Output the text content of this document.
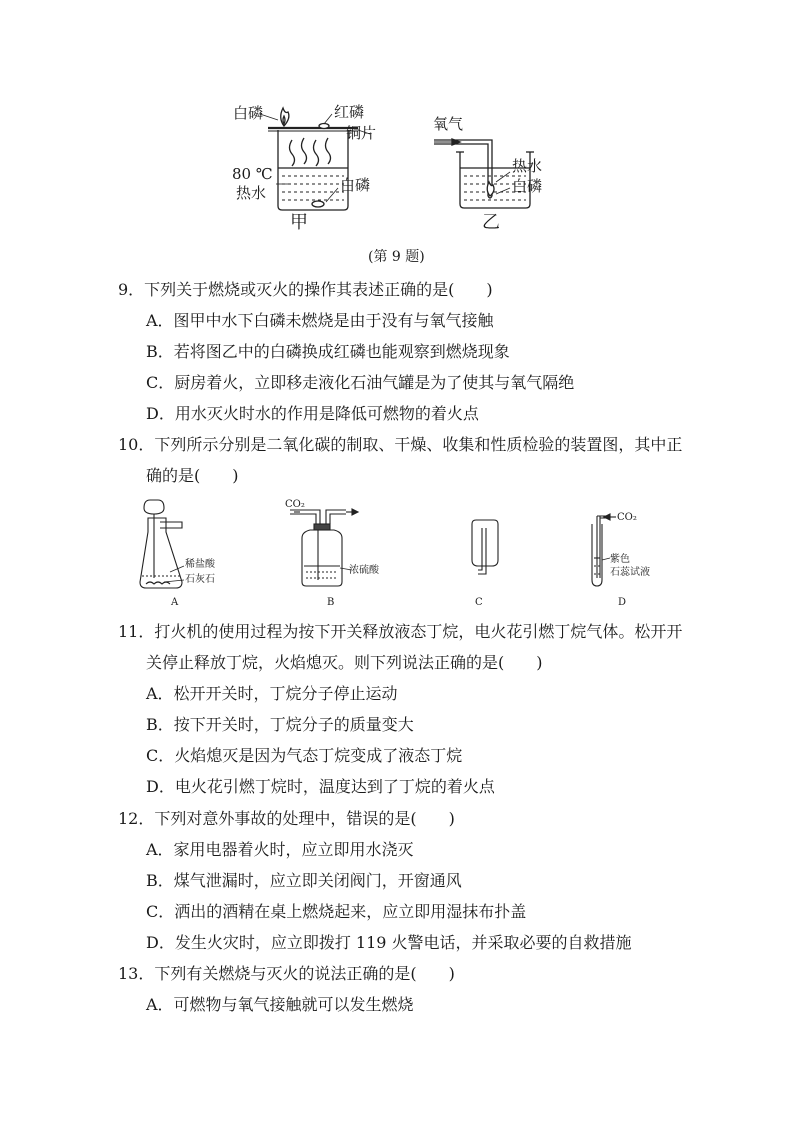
白磷	红磷
铜片
80 ℃
热水	白磷
甲
氧气
热水
白磷
乙
(第 9 题)
9．下列关于燃烧或灭火的操作其表述正确的是(　　)
A．图甲中水下白磷未燃烧是由于没有与氧气接触
B．若将图乙中的白磷换成红磷也能观察到燃烧现象
C．厨房着火，立即移走液化石油气罐是为了使其与氧气隔绝
D．用水灭火时水的作用是降低可燃物的着火点
10．下列所示分别是二氧化碳的制取、干燥、收集和性质检验的装置图，其中正
确的是(　　)
稀盐酸
石灰石
A
CO₂
浓硫酸
B	C
CO₂
紫色
石蕊试液
D
11．打火机的使用过程为按下开关释放液态丁烷，电火花引燃丁烷气体。松开开
关停止释放丁烷，火焰熄灭。则下列说法正确的是(　　)
A．松开开关时，丁烷分子停止运动
B．按下开关时，丁烷分子的质量变大
C．火焰熄灭是因为气态丁烷变成了液态丁烷
D．电火花引燃丁烷时，温度达到了丁烷的着火点
12．下列对意外事故的处理中，错误的是(　　)
A．家用电器着火时，应立即用水浇灭
B．煤气泄漏时，应立即关闭阀门，开窗通风
C．洒出的酒精在桌上燃烧起来，应立即用湿抹布扑盖
D．发生火灾时，应立即拨打 119 火警电话，并采取必要的自救措施
13．下列有关燃烧与灭火的说法正确的是(　　)
A．可燃物与氧气接触就可以发生燃烧
